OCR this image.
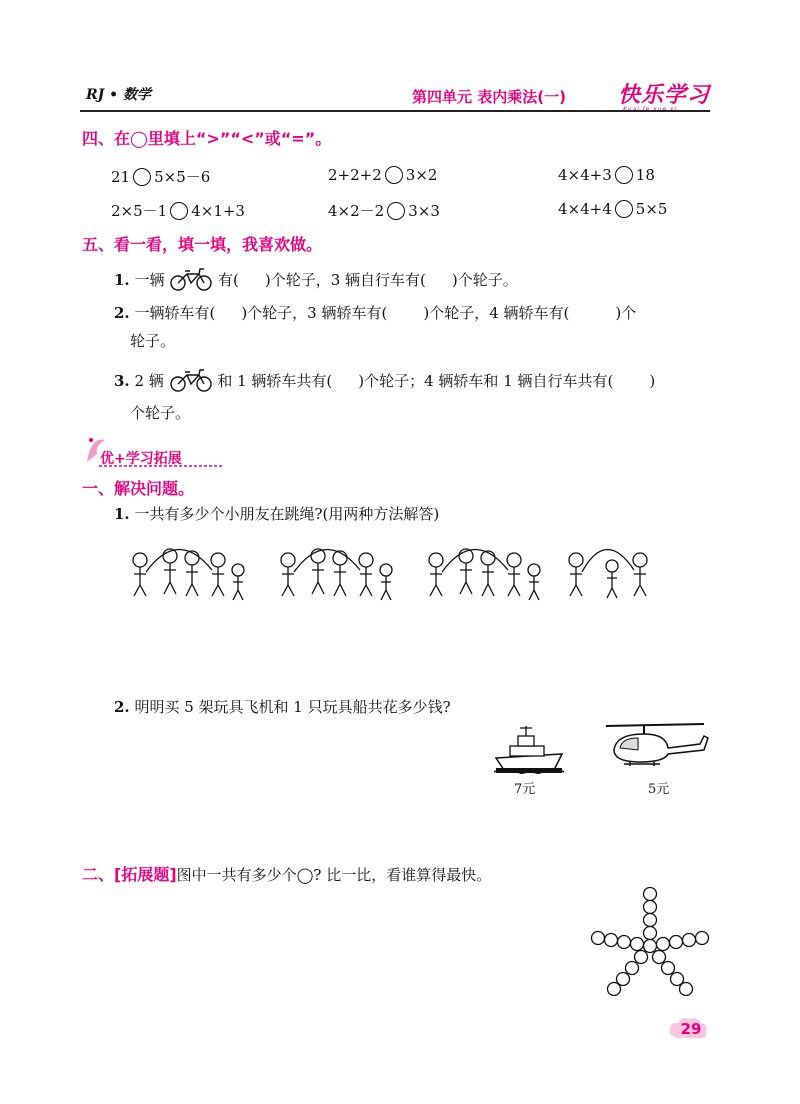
RJ • 数学	第四单元 表内乘法(一) 快乐学习
四、在◯里填上“>”“<”或“=”。
21 5×5－6	2+2+2 3×2	4×4+3 18
2×5－1 4×1+3	4×2－2 3×3	4×4+4 5×5
五、看一看，填一填，我喜欢做。
1. 一辆	有( )个轮子，3 辆自行车有( )个轮子。
2. 一辆轿车有( )个轮子，3 辆轿车有( )个轮子，4 辆轿车有(	)个
轮子。
3. 2 辆	和 1 辆轿车共有( )个轮子；4 辆轿车和 1 辆自行车共有( )
个轮子。
优+学习拓展
一、解决问题。
1. 一共有多少个小朋友在跳绳?(用两种方法解答)
2. 明明买 5 架玩具飞机和 1 只玩具船共花多少钱?
7元	5元
二、[拓展题]图中一共有多少个◯? 比一比，看谁算得最快。
29
